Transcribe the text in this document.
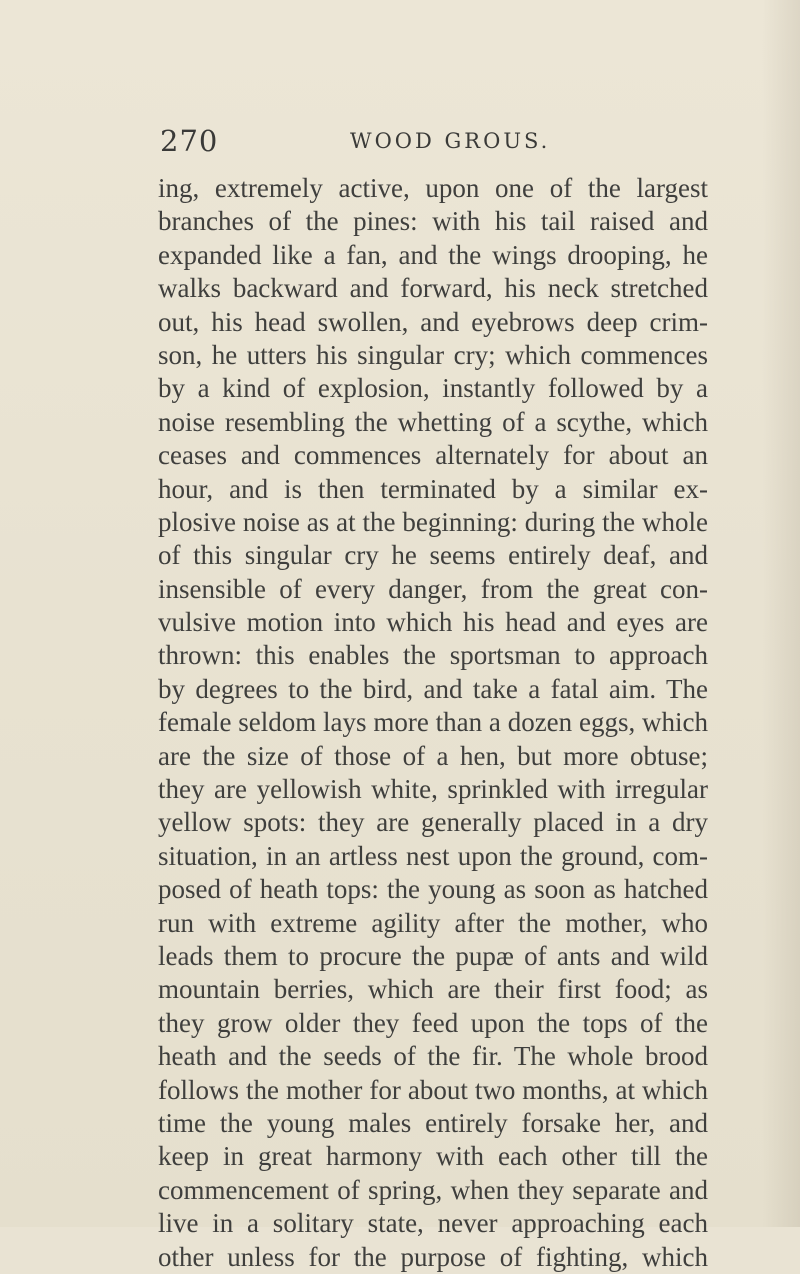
270	WOOD GROUS.
ing, extremely active, upon one of the largest
branches of the pines: with his tail raised and
expanded like a fan, and the wings drooping, he
walks backward and forward, his neck stretched
out, his head swollen, and eyebrows deep crim-
son, he utters his singular cry; which commences
by a kind of explosion, instantly followed by a
noise resembling the whetting of a scythe, which
ceases and commences alternately for about an
hour, and is then terminated by a similar ex-
plosive noise as at the beginning: during the whole
of this singular cry he seems entirely deaf, and
insensible of every danger, from the great con-
vulsive motion into which his head and eyes are
thrown: this enables the sportsman to approach
by degrees to the bird, and take a fatal aim. The
female seldom lays more than a dozen eggs, which
are the size of those of a hen, but more obtuse;
they are yellowish white, sprinkled with irregular
yellow spots: they are generally placed in a dry
situation, in an artless nest upon the ground, com-
posed of heath tops: the young as soon as hatched
run with extreme agility after the mother, who
leads them to procure the pupæ of ants and wild
mountain berries, which are their first food; as
they grow older they feed upon the tops of the
heath and the seeds of the fir. The whole brood
follows the mother for about two months, at which
time the young males entirely forsake her, and
keep in great harmony with each other till the
commencement of spring, when they separate and
live in a solitary state, never approaching each
other unless for the purpose of fighting, which
